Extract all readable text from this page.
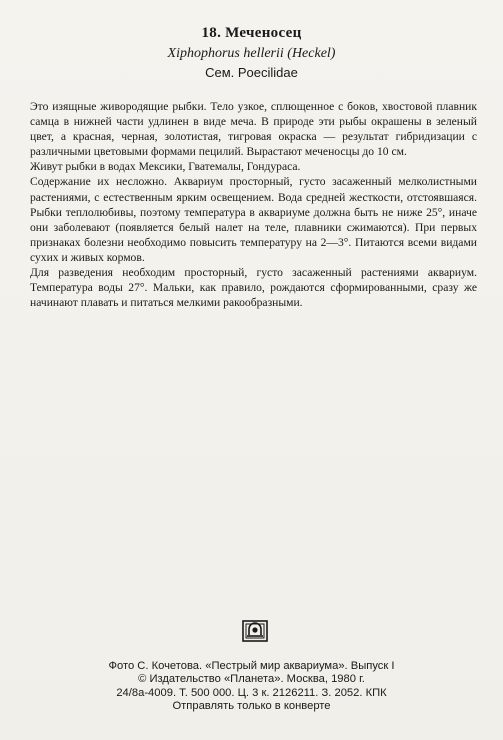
18. Меченосец
Xiphophorus hellerii (Heckel)
Сем. Poecilidae

Это изящные живородящие рыбки. Тело узкое, сплющенное с боков, хвостовой плавник самца в нижней части удлинен в виде меча. В природе эти рыбы окрашены в зеленый цвет, а красная, черная, золотистая, тигровая окраска — результат гибридизации с различными цветовыми формами пецилий. Вырастают меченосцы до 10 см.

Живут рыбки в водах Мексики, Гватемалы, Гондураса.

Содержание их несложно. Аквариум просторный, густо засаженный мелколистными растениями, с естественным ярким освещением. Вода средней жесткости, отстоявшаяся. Рыбки теплолюбивы, поэтому температура в аквариуме должна быть не ниже 25°, иначе они заболевают (появляется белый налет на теле, плавники сжимаются). При первых признаках болезни необходимо повысить температуру на 2—3°. Питаются всеми видами сухих и живых кормов.

Для разведения необходим просторный, густо засаженный растениями аквариум. Температура воды 27°. Мальки, как правило, рождаются сформированными, сразу же начинают плавать и питаться мелкими ракообразными.

Фото С. Кочетова. «Пестрый мир аквариума». Выпуск I
© Издательство «Планета». Москва, 1980 г.
24/8а-4009. Т. 500 000. Ц. 3 к. 2126211. З. 2052. КПК
Отправлять только в конверте
